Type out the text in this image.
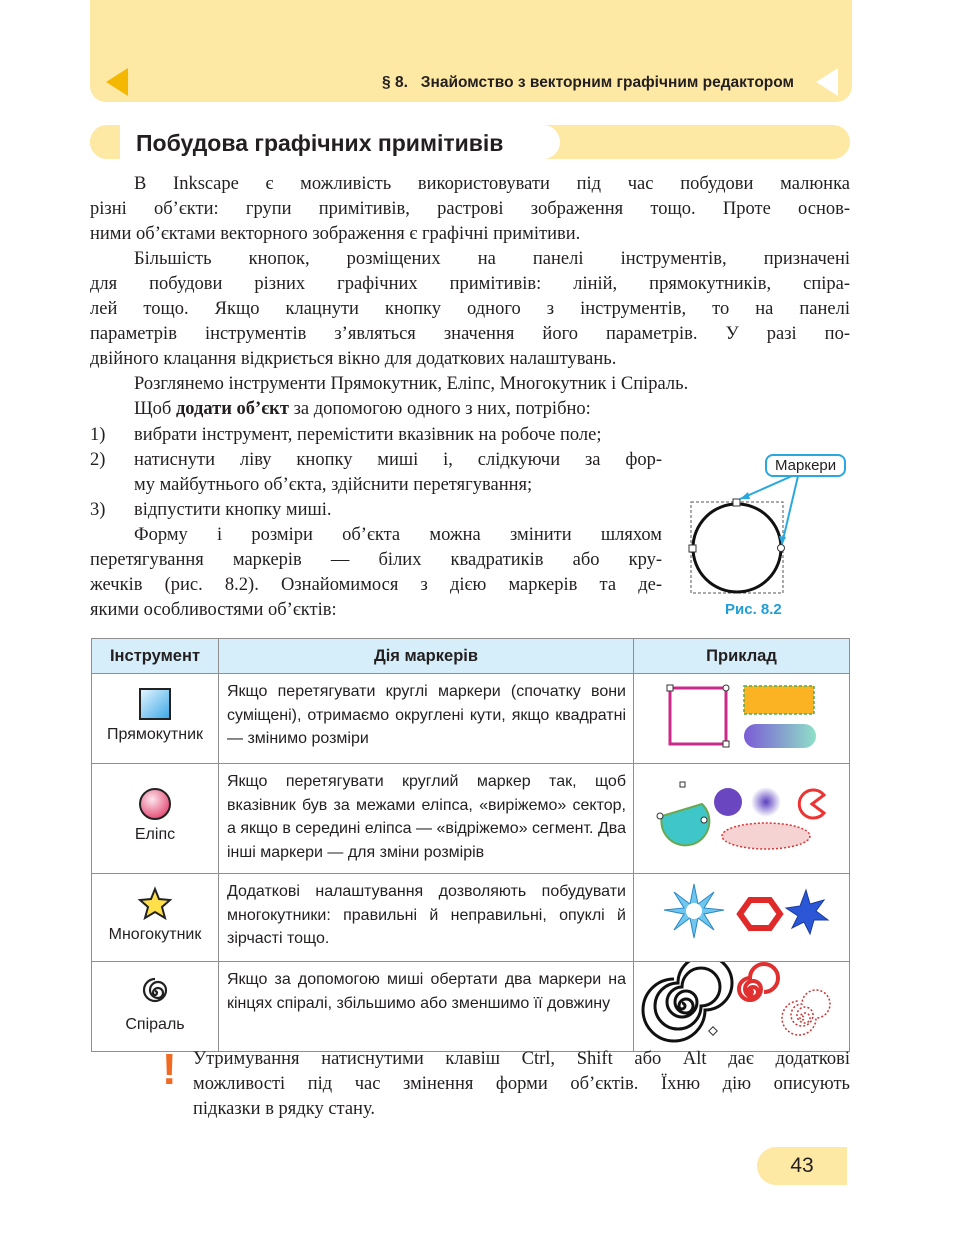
§ 8. Знайомство з векторним графічним редактором
Побудова графічних примітивів
В Inkscape є можливість використовувати під час побудови малюнка
різні об’єкти: групи примітивів, растрові зображення тощо. Проте основ-
ними об’єктами векторного зображення є графічні примітиви.
Більшість кнопок, розміщених на панелі інструментів, призначені
для побудови різних графічних примітивів: ліній, прямокутників, спіра-
лей тощо. Якщо клацнути кнопку одного з інструментів, то на панелі
параметрів інструментів з’являться значення його параметрів. У разі по-
двійного клацання відкриється вікно для додаткових налаштувань.
Розглянемо інструменти Прямокутник, Еліпс, Многокутник і Спіраль.
Щоб додати об’єкт за допомогою одного з них, потрібно:
1)	вибрати інструмент, перемістити вказівник на робоче поле;
2)	натиснути ліву кнопку миші і, слідкуючи за фор-
му майбутнього об’єкта, здійснити перетягування;
3)	відпустити кнопку миші.
Форму і розміри об’єкта можна змінити шляхом
перетягування маркерів — білих квадратиків або кру-
жечків (рис. 8.2). Ознайомимося з дією маркерів та де-
якими особливостями об’єктів:
Маркери
Рис. 8.2
Інструмент	Дія маркерів	Приклад

Прямокутник	Якщо перетягувати круглі маркери (спочатку вони суміщені), отримаємо округлені кути, якщо квадратні — змінимо розміри

Еліпс	Якщо перетягувати круглий маркер так, щоб вказівник був за межами еліпса, «виріжемо» сектор, а якщо в середині еліпса — «відріжемо» сегмент. Два інші маркери — для зміни розмірів

Многокутник	Додаткові налаштування дозволяють побудувати многокутники: правильні й неправильні, опуклі й зірчасті тощо.

Спіраль	Якщо за допомогою миші обертати два маркери на кінцях спіралі, збільшимо або зменшимо її довжину

! Утримування натиснутими клавіш Ctrl, Shift або Alt дає додаткові
можливості під час змінення форми об’єктів. Їхню дію описують
підказки в рядку стану.
43
